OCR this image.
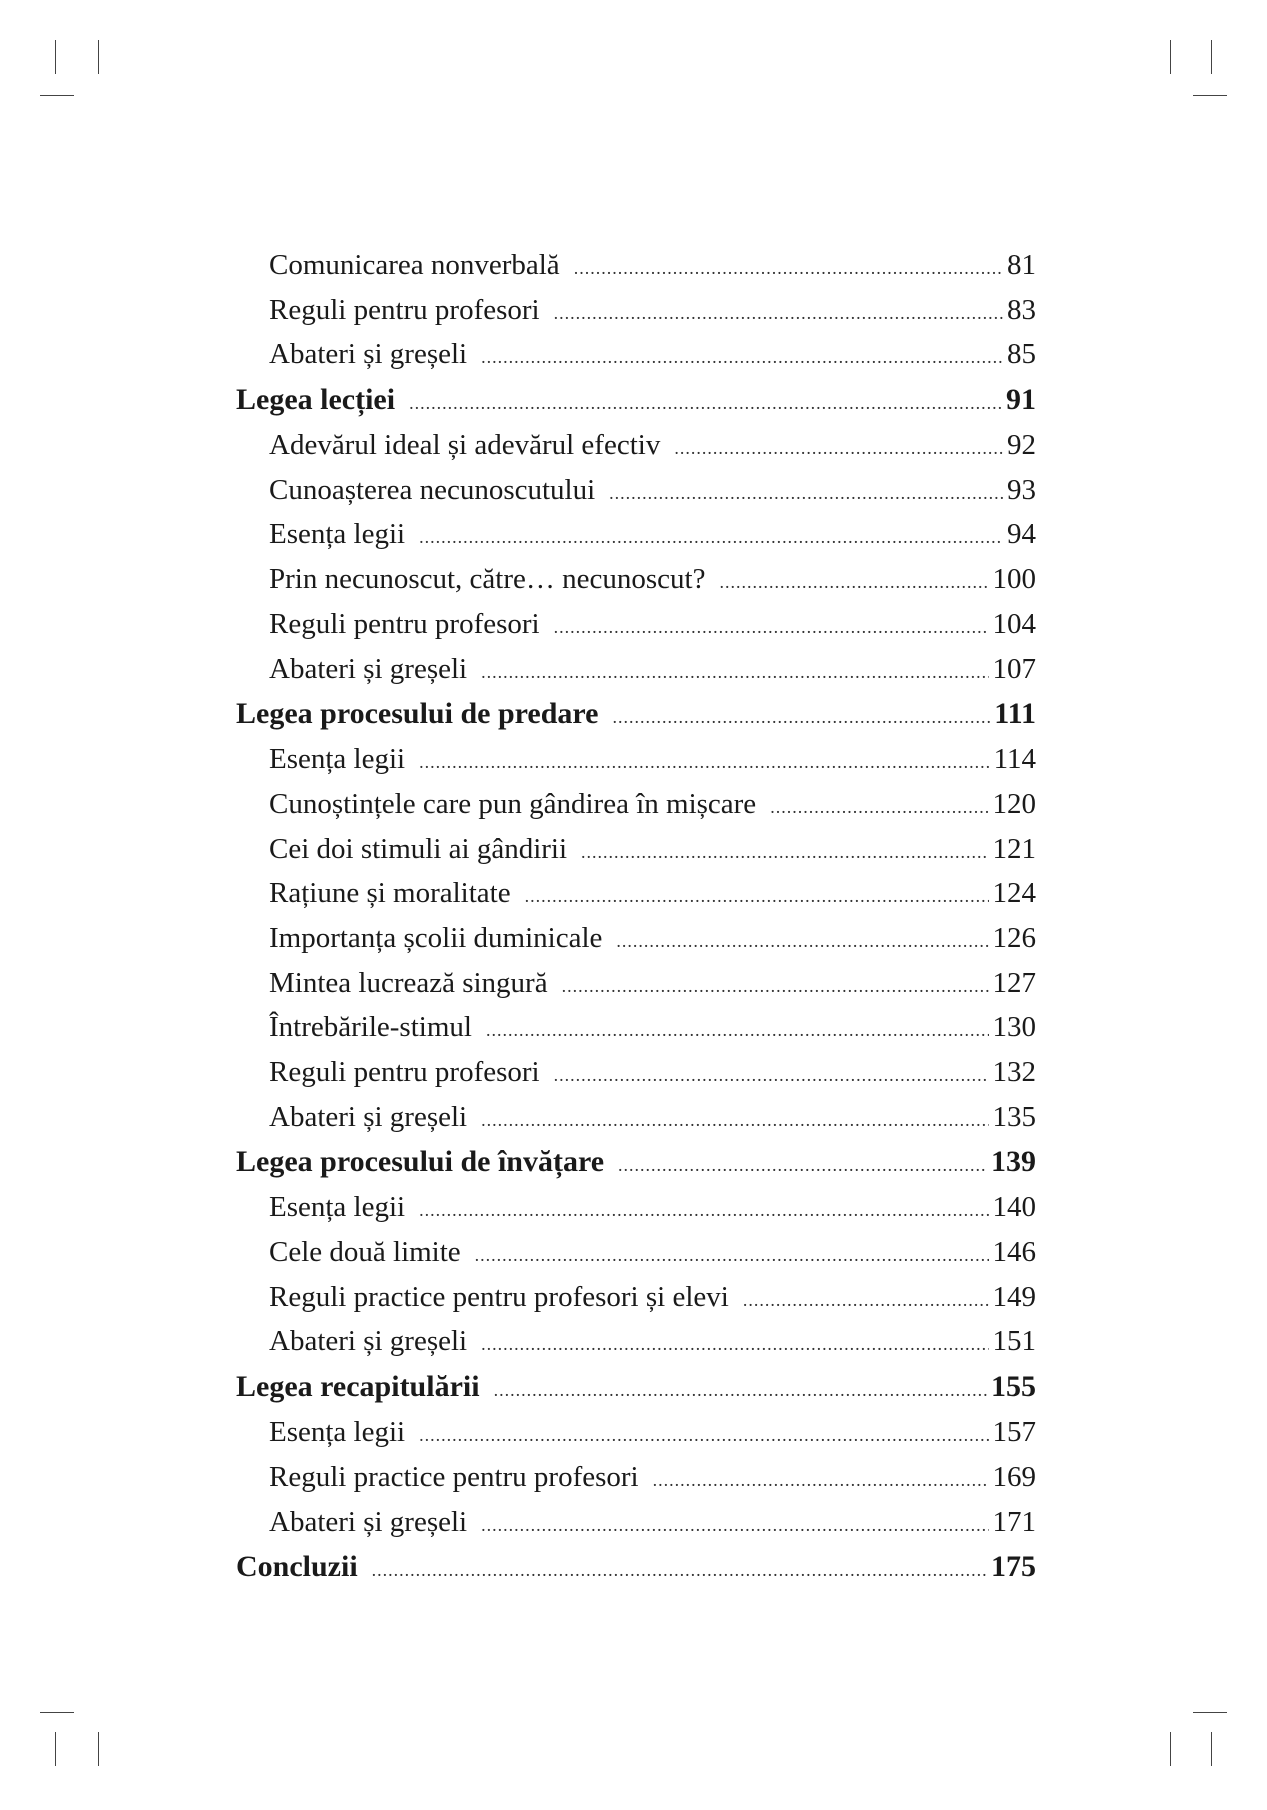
Comunicarea nonverbală .....	81
Reguli pentru profesori .....	83
Abateri și greșeli .....	85
Legea lecției .....	91
Adevărul ideal și adevărul efectiv .....	92
Cunoașterea necunoscutului .....	93
Esența legii .....	94
Prin necunoscut, către… necunoscut? .....	100
Reguli pentru profesori .....	104
Abateri și greșeli .....	107
Legea procesului de predare .....	111
Esența legii .....	114
Cunoștințele care pun gândirea în mișcare .....	120
Cei doi stimuli ai gândirii .....	121
Rațiune și moralitate .....	124
Importanța școlii duminicale .....	126
Mintea lucrează singură .....	127
Întrebările-stimul .....	130
Reguli pentru profesori .....	132
Abateri și greșeli .....	135
Legea procesului de învățare .....	139
Esența legii .....	140
Cele două limite .....	146
Reguli practice pentru profesori și elevi .....	149
Abateri și greșeli .....	151
Legea recapitulării .....	155
Esența legii .....	157
Reguli practice pentru profesori .....	169
Abateri și greșeli .....	171
Concluzii .....	175
